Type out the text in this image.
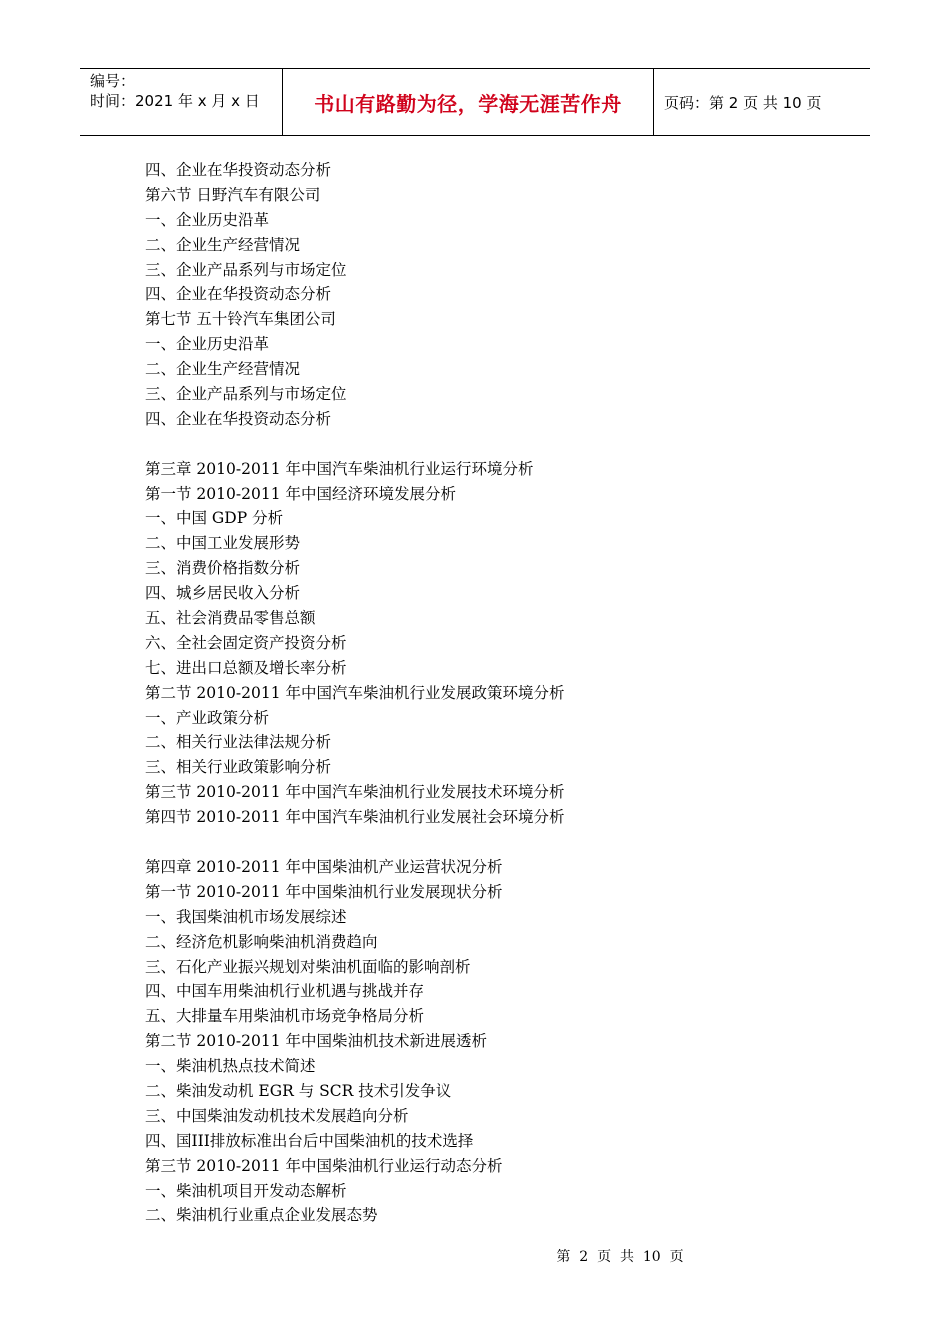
编号：
时间：2021 年 x 月 x 日	书山有路勤为径，学海无涯苦作舟	页码：第 2 页 共 10 页
四、企业在华投资动态分析
第六节 日野汽车有限公司
一、企业历史沿革
二、企业生产经营情况
三、企业产品系列与市场定位
四、企业在华投资动态分析
第七节 五十铃汽车集团公司
一、企业历史沿革
二、企业生产经营情况
三、企业产品系列与市场定位
四、企业在华投资动态分析
第三章 2010-2011 年中国汽车柴油机行业运行环境分析
第一节 2010-2011 年中国经济环境发展分析
一、中国 GDP 分析
二、中国工业发展形势
三、消费价格指数分析
四、城乡居民收入分析
五、社会消费品零售总额
六、全社会固定资产投资分析
七、进出口总额及增长率分析
第二节 2010-2011 年中国汽车柴油机行业发展政策环境分析
一、产业政策分析
二、相关行业法律法规分析
三、相关行业政策影响分析
第三节 2010-2011 年中国汽车柴油机行业发展技术环境分析
第四节 2010-2011 年中国汽车柴油机行业发展社会环境分析
第四章 2010-2011 年中国柴油机产业运营状况分析
第一节 2010-2011 年中国柴油机行业发展现状分析
一、我国柴油机市场发展综述
二、经济危机影响柴油机消费趋向
三、石化产业振兴规划对柴油机面临的影响剖析
四、中国车用柴油机行业机遇与挑战并存
五、大排量车用柴油机市场竞争格局分析
第二节 2010-2011 年中国柴油机技术新进展透析
一、柴油机热点技术简述
二、柴油发动机 EGR 与 SCR 技术引发争议
三、中国柴油发动机技术发展趋向分析
四、国III排放标准出台后中国柴油机的技术选择
第三节 2010-2011 年中国柴油机行业运行动态分析
一、柴油机项目开发动态解析
二、柴油机行业重点企业发展态势
第  2  页  共  10  页
